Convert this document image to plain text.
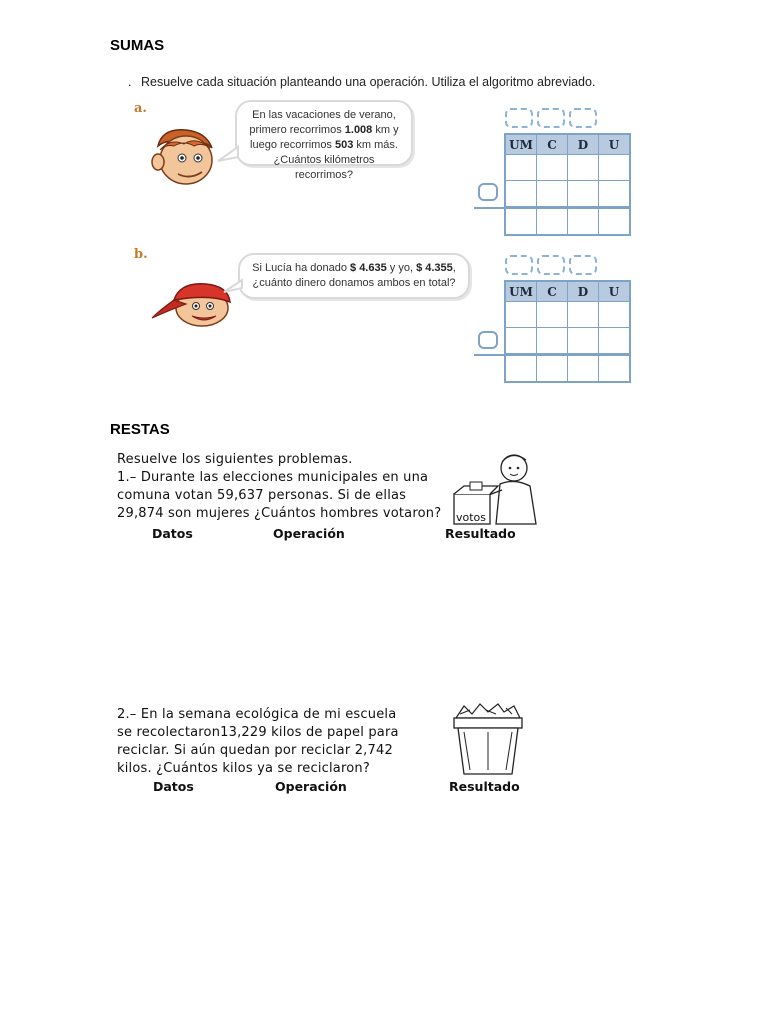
SUMAS
. Resuelve cada situación planteando una operación. Utiliza el algoritmo abreviado.
a.	En las vacaciones de verano,
primero recorrimos 1.008 km y
luego recorrimos 503 km más.
¿Cuántos kilómetros recorrimos?
UM	C	D	U

b.
Si Lucía ha donado $ 4.635 y yo, $ 4.355,
¿cuánto dinero donamos ambos en total?
UM	C	D	U

RESTAS
Resuelve los siguientes problemas.
1.– Durante las elecciones municipales en una
comuna votan 59,637 personas. Si de ellas
29,874 son mujeres ¿Cuántos hombres votaron?	votos
Datos	Operación	Resultado
2.– En la semana ecológica de mi escuela
se recolectaron13,229 kilos de papel para
reciclar. Si aún quedan por reciclar 2,742
kilos. ¿Cuántos kilos ya se reciclaron?
Datos	Operación	Resultado
